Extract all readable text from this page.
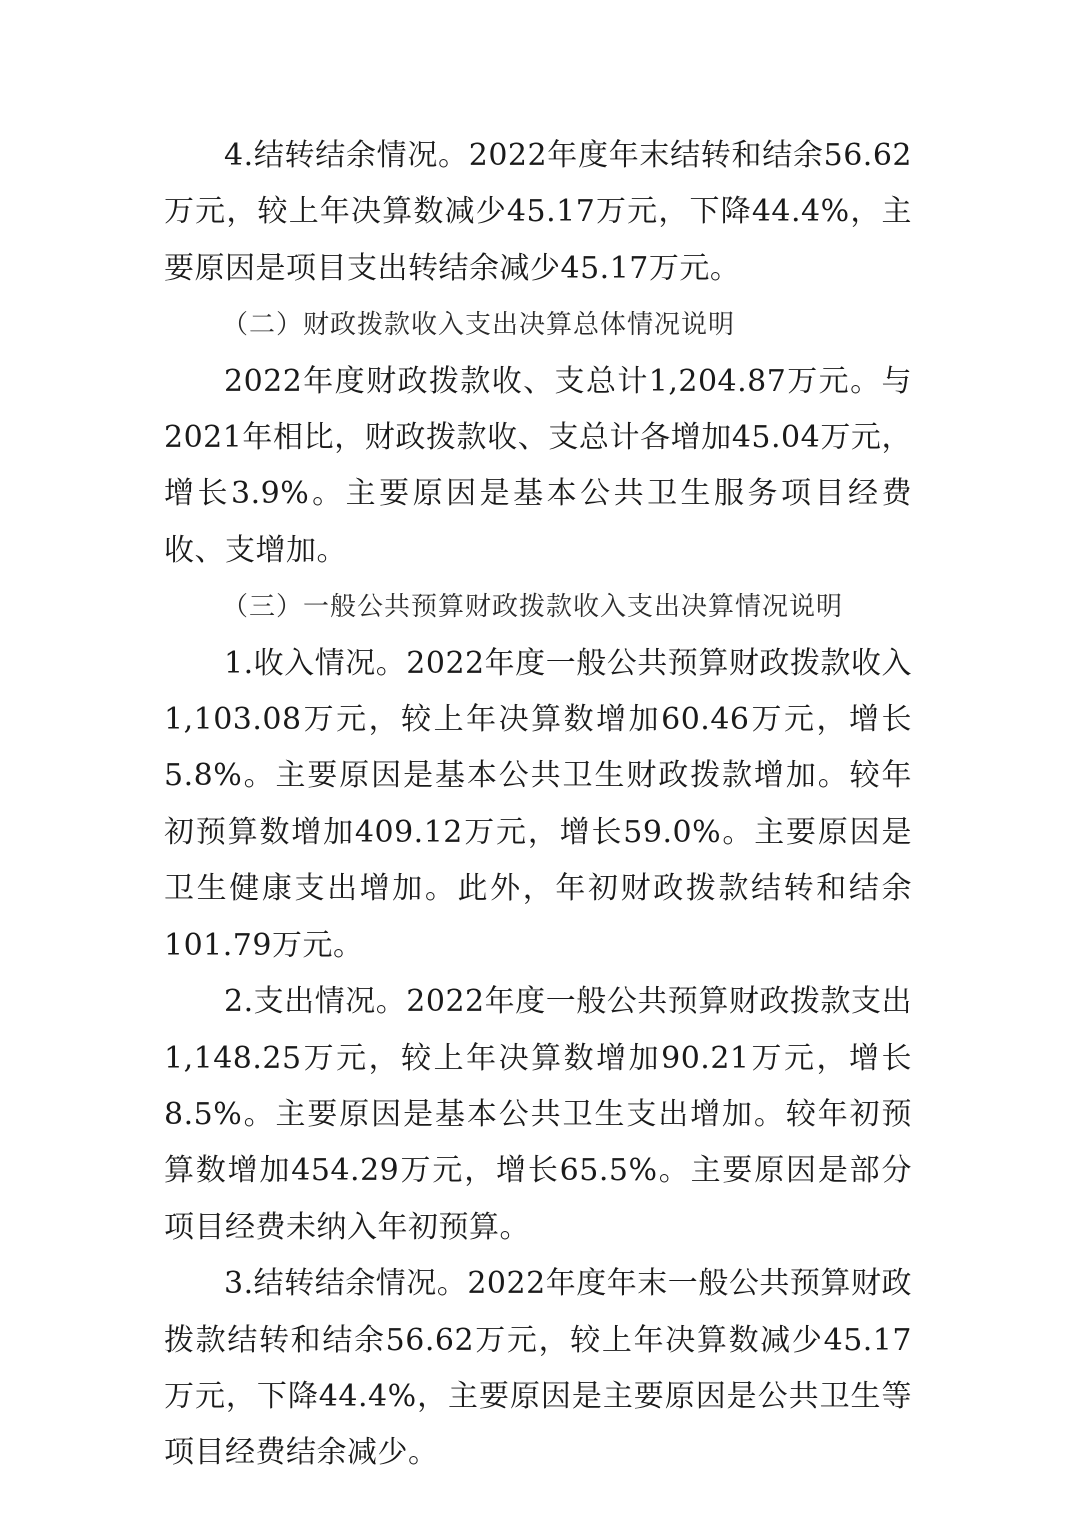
4.结转结余情况。2022年度年末结转和结余56.62万元，较上年决算数减少45.17万元，下降44.4%，主要原因是项目支出转结余减少45.17万元。

（二）财政拨款收入支出决算总体情况说明

2022年度财政拨款收、支总计1,204.87万元。与2021年相比，财政拨款收、支总计各增加45.04万元，增长3.9%。主要原因是基本公共卫生服务项目经费收、支增加。

（三）一般公共预算财政拨款收入支出决算情况说明

1.收入情况。2022年度一般公共预算财政拨款收入1,103.08万元，较上年决算数增加60.46万元，增长5.8%。主要原因是基本公共卫生财政拨款增加。较年初预算数增加409.12万元，增长59.0%。主要原因是卫生健康支出增加。此外，年初财政拨款结转和结余101.79万元。

2.支出情况。2022年度一般公共预算财政拨款支出1,148.25万元，较上年决算数增加90.21万元，增长8.5%。主要原因是基本公共卫生支出增加。较年初预算数增加454.29万元，增长65.5%。主要原因是部分项目经费未纳入年初预算。

3.结转结余情况。2022年度年末一般公共预算财政拨款结转和结余56.62万元，较上年决算数减少45.17万元，下降44.4%，主要原因是主要原因是公共卫生等项目经费结余减少。
